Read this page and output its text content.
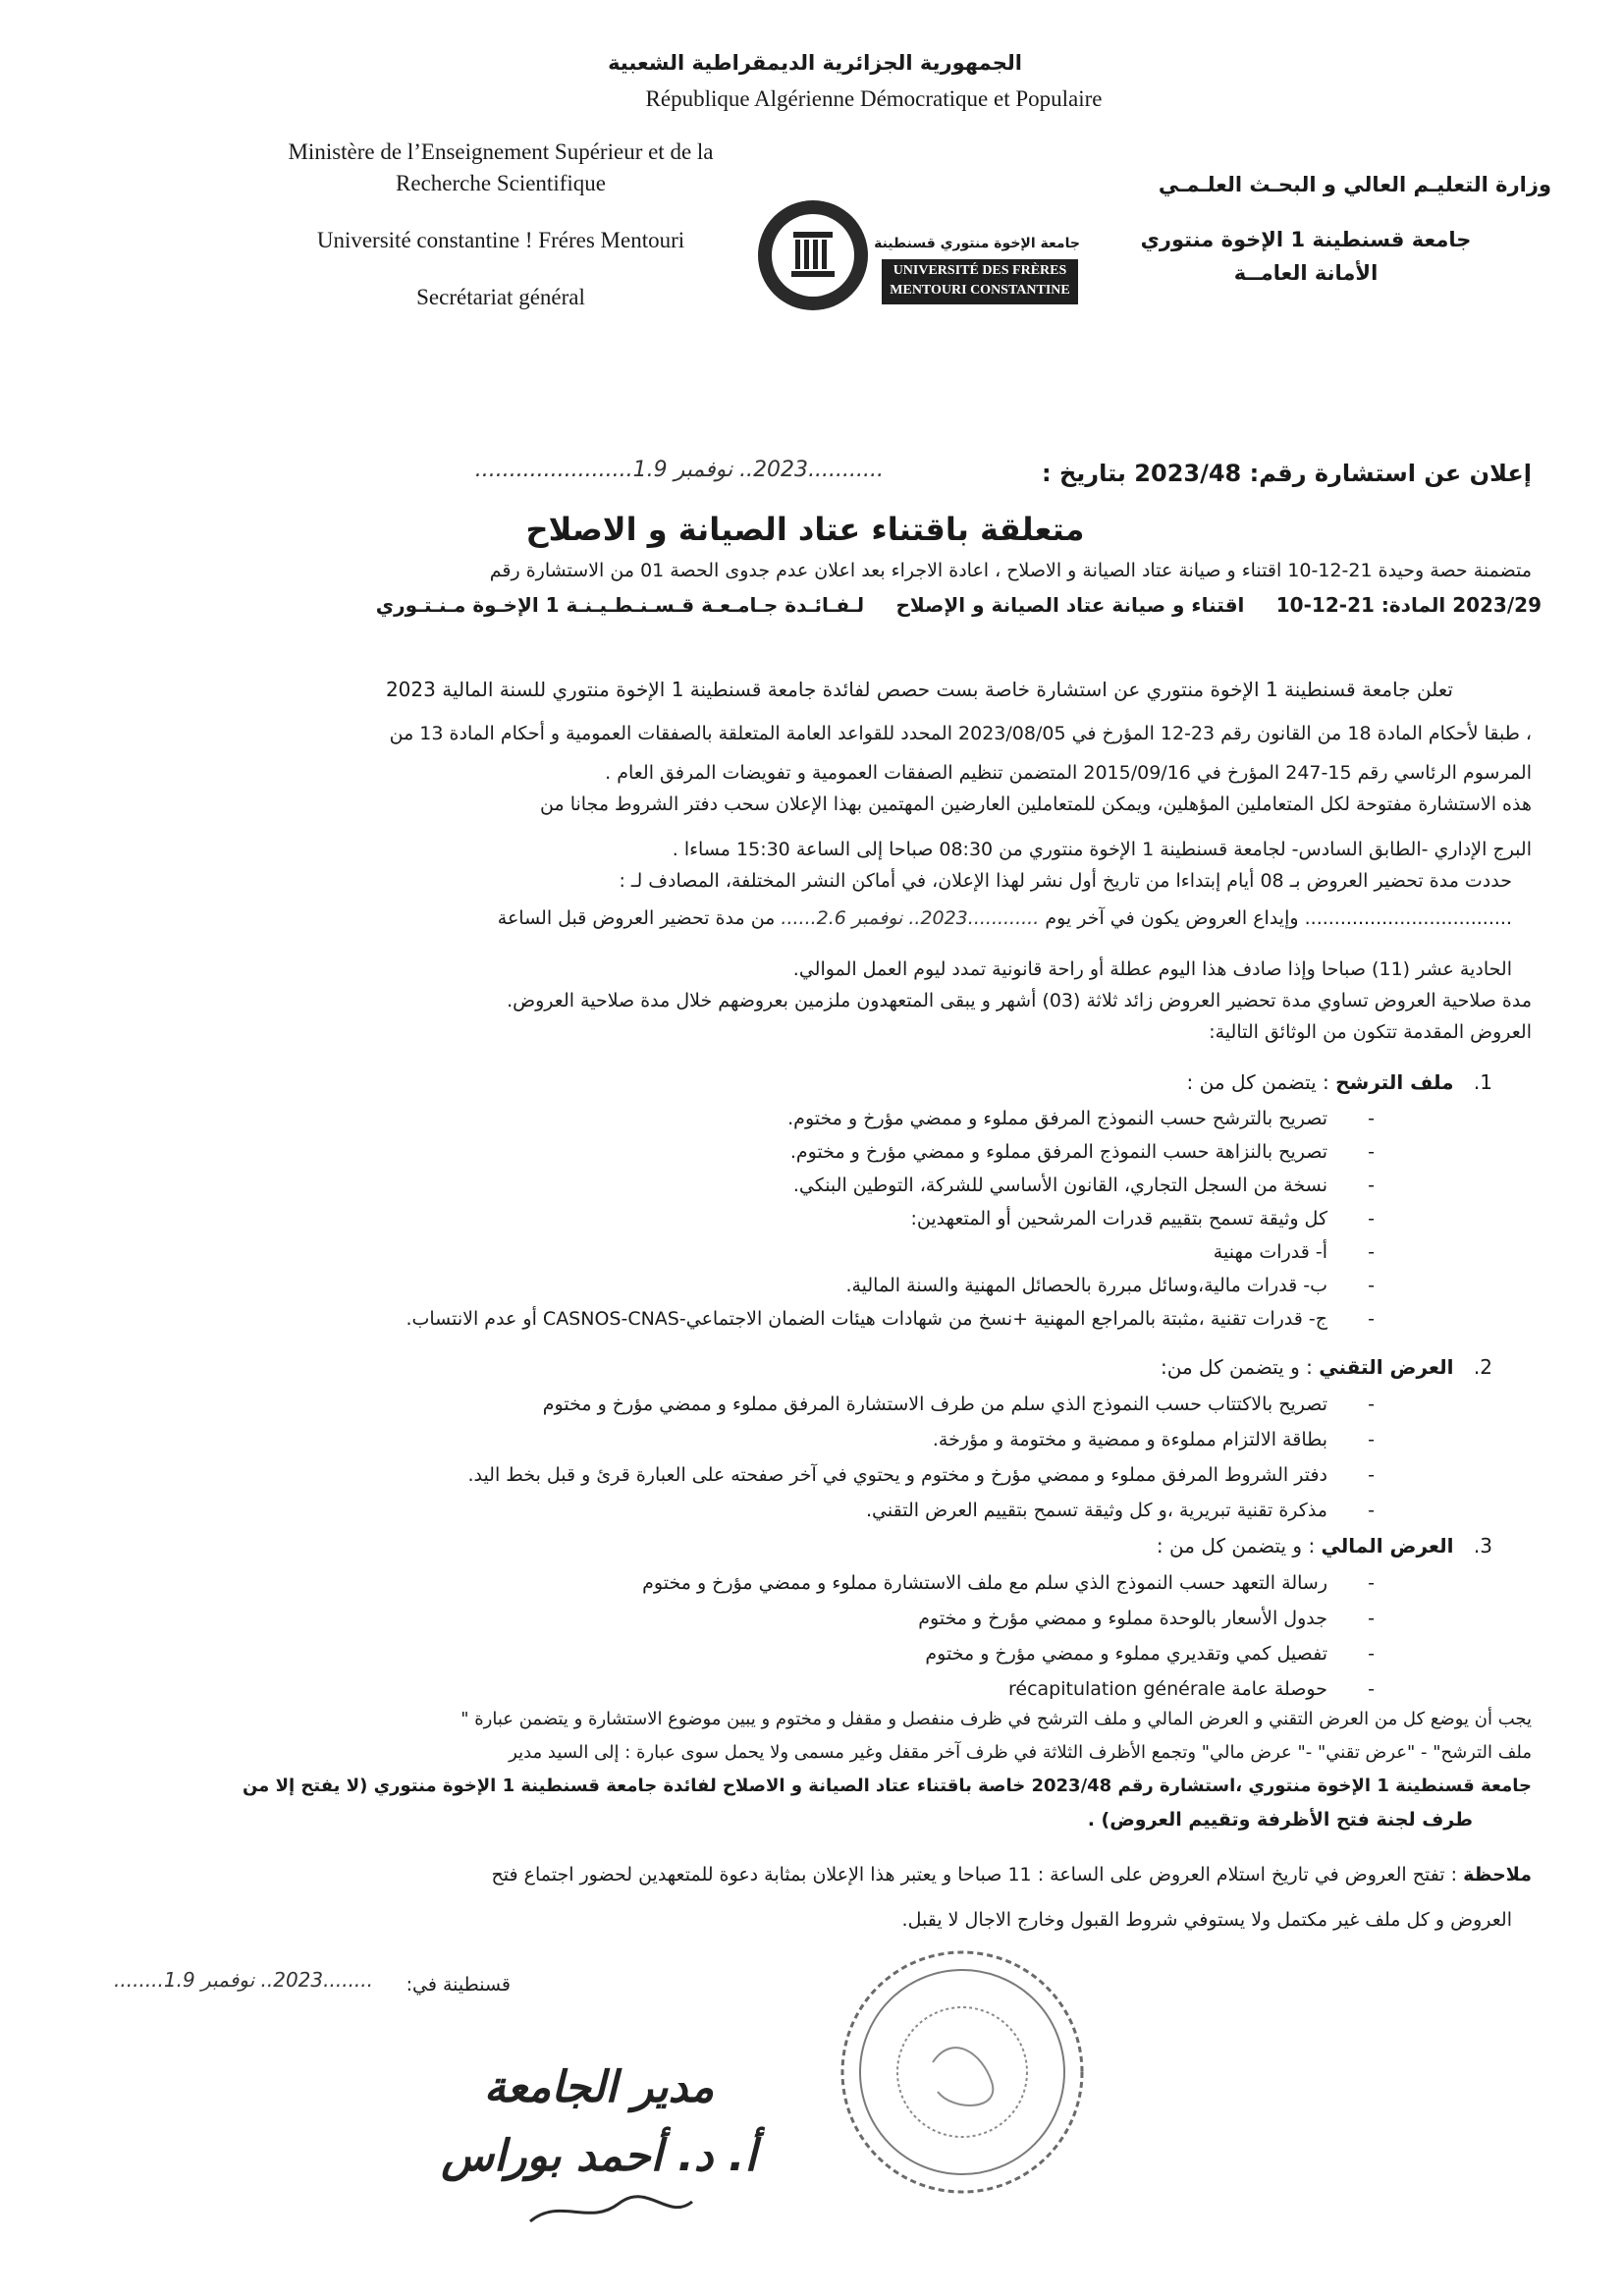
الجمهورية الجزائرية الديمقراطية الشعبية
République Algérienne Démocratique et Populaire
Ministère de l’Enseignement Supérieur et de la
Recherche Scientifique
Université constantine ! Fréres Mentouri
Secrétariat général
وزارة التعليـم العالي و البحـث العلـمـي
جامعة قسنطينة 1 الإخوة منتوري
الأمانة العامــة
جامعة الإخوة منتوري قسنطينة
UNIVERSITÉ DES FRÈRES
MENTOURI CONSTANTINE
إعلان عن استشارة رقم: 2023/48 بتاريخ :
...........2023.. نوفمبر 1.9.......................
متعلقة باقتناء عتاد الصيانة و الاصلاح
متضمنة حصة وحيدة 21-12-10 اقتناء و صيانة عتاد الصيانة و الاصلاح ، اعادة الاجراء بعد اعلان عدم جدوى الحصة 01 من الاستشارة رقم
2023/29 المادة: 21-12-10 اقتناء و صيانة عتاد الصيانة و الإصلاح لـفـائـدة جـامـعـة قـسـنـطـيـنـة 1 الإخـوة مـنـتـوري
تعلن جامعة قسنطينة 1 الإخوة منتوري عن استشارة خاصة بست حصص لفائدة جامعة قسنطينة 1 الإخوة منتوري للسنة المالية 2023
، طبقا لأحكام المادة 18 من القانون رقم 23-12 المؤرخ في 2023/08/05 المحدد للقواعد العامة المتعلقة بالصفقات العمومية و أحكام المادة 13 من
المرسوم الرئاسي رقم 15-247 المؤرخ في 2015/09/16 المتضمن تنظيم الصفقات العمومية و تفويضات المرفق العام .
هذه الاستشارة مفتوحة لكل المتعاملين المؤهلين، ويمكن للمتعاملين العارضين المهتمين بهذا الإعلان سحب دفتر الشروط مجانا من
البرج الإداري -الطابق السادس- لجامعة قسنطينة 1 الإخوة منتوري من 08:30 صباحا إلى الساعة 15:30 مساءا .
حددت مدة تحضير العروض بـ 08 أيام إبتداءا من تاريخ أول نشر لهذا الإعلان، في أماكن النشر المختلفة، المصادف لـ :
................................... وإيداع العروض يكون في آخر يوم ............2023.. نوفمبر 2.6...... من مدة تحضير العروض قبل الساعة
الحادية عشر (11) صباحا وإذا صادف هذا اليوم عطلة أو راحة قانونية تمدد ليوم العمل الموالي.
مدة صلاحية العروض تساوي مدة تحضير العروض زائد ثلاثة (03) أشهر و يبقى المتعهدون ملزمين بعروضهم خلال مدة صلاحية العروض.
العروض المقدمة تتكون من الوثائق التالية:
1. ملف الترشح : يتضمن كل من :
- تصريح بالترشح حسب النموذج المرفق مملوء و ممضي مؤرخ و مختوم.
- تصريح بالنزاهة حسب النموذج المرفق مملوء و ممضي مؤرخ و مختوم.
- نسخة من السجل التجاري، القانون الأساسي للشركة، التوطين البنكي.
- كل وثيقة تسمح بتقييم قدرات المرشحين أو المتعهدين:
- أ- قدرات مهنية
- ب- قدرات مالية،وسائل مبررة بالحصائل المهنية والسنة المالية.
- ج- قدرات تقنية ،مثبتة بالمراجع المهنية +نسخ من شهادات هيئات الضمان الاجتماعي-CASNOS-CNAS أو عدم الانتساب.
2. العرض التقني : و يتضمن كل من:
- تصريح بالاكتتاب حسب النموذج الذي سلم من طرف الاستشارة المرفق مملوء و ممضي مؤرخ و مختوم
- بطاقة الالتزام مملوءة و ممضية و مختومة و مؤرخة.
- دفتر الشروط المرفق مملوء و ممضي مؤرخ و مختوم و يحتوي في آخر صفحته على العبارة قرئ و قبل بخط اليد.
- مذكرة تقنية تبريرية ،و كل وثيقة تسمح بتقييم العرض التقني.
3. العرض المالي : و يتضمن كل من :
- رسالة التعهد حسب النموذج الذي سلم مع ملف الاستشارة مملوء و ممضي مؤرخ و مختوم
- جدول الأسعار بالوحدة مملوء و ممضي مؤرخ و مختوم
- تفصيل كمي وتقديري مملوء و ممضي مؤرخ و مختوم
- حوصلة عامة récapitulation générale
يجب أن يوضع كل من العرض التقني و العرض المالي و ملف الترشح في ظرف منفصل و مقفل و مختوم و يبين موضوع الاستشارة و يتضمن عبارة "
ملف الترشح" - "عرض تقني" -" عرض مالي" وتجمع الأظرف الثلاثة في ظرف آخر مقفل وغير مسمى ولا يحمل سوى عبارة : إلى السيد مدير
جامعة قسنطينة 1 الإخوة منتوري ،استشارة رقم 2023/48 خاصة باقتناء عتاد الصيانة و الاصلاح لفائدة جامعة قسنطينة 1 الإخوة منتوري (لا يفتح إلا من
طرف لجنة فتح الأظرفة وتقييم العروض) .
ملاحظة : تفتح العروض في تاريخ استلام العروض على الساعة : 11 صباحا و يعتبر هذا الإعلان بمثابة دعوة للمتعهدين لحضور اجتماع فتح
العروض و كل ملف غير مكتمل ولا يستوفي شروط القبول وخارج الاجال لا يقبل.
قسنطينة في:
........2023.. نوفمبر 1.9........
مدير الجامعة
أ. د. أحمد بوراس
